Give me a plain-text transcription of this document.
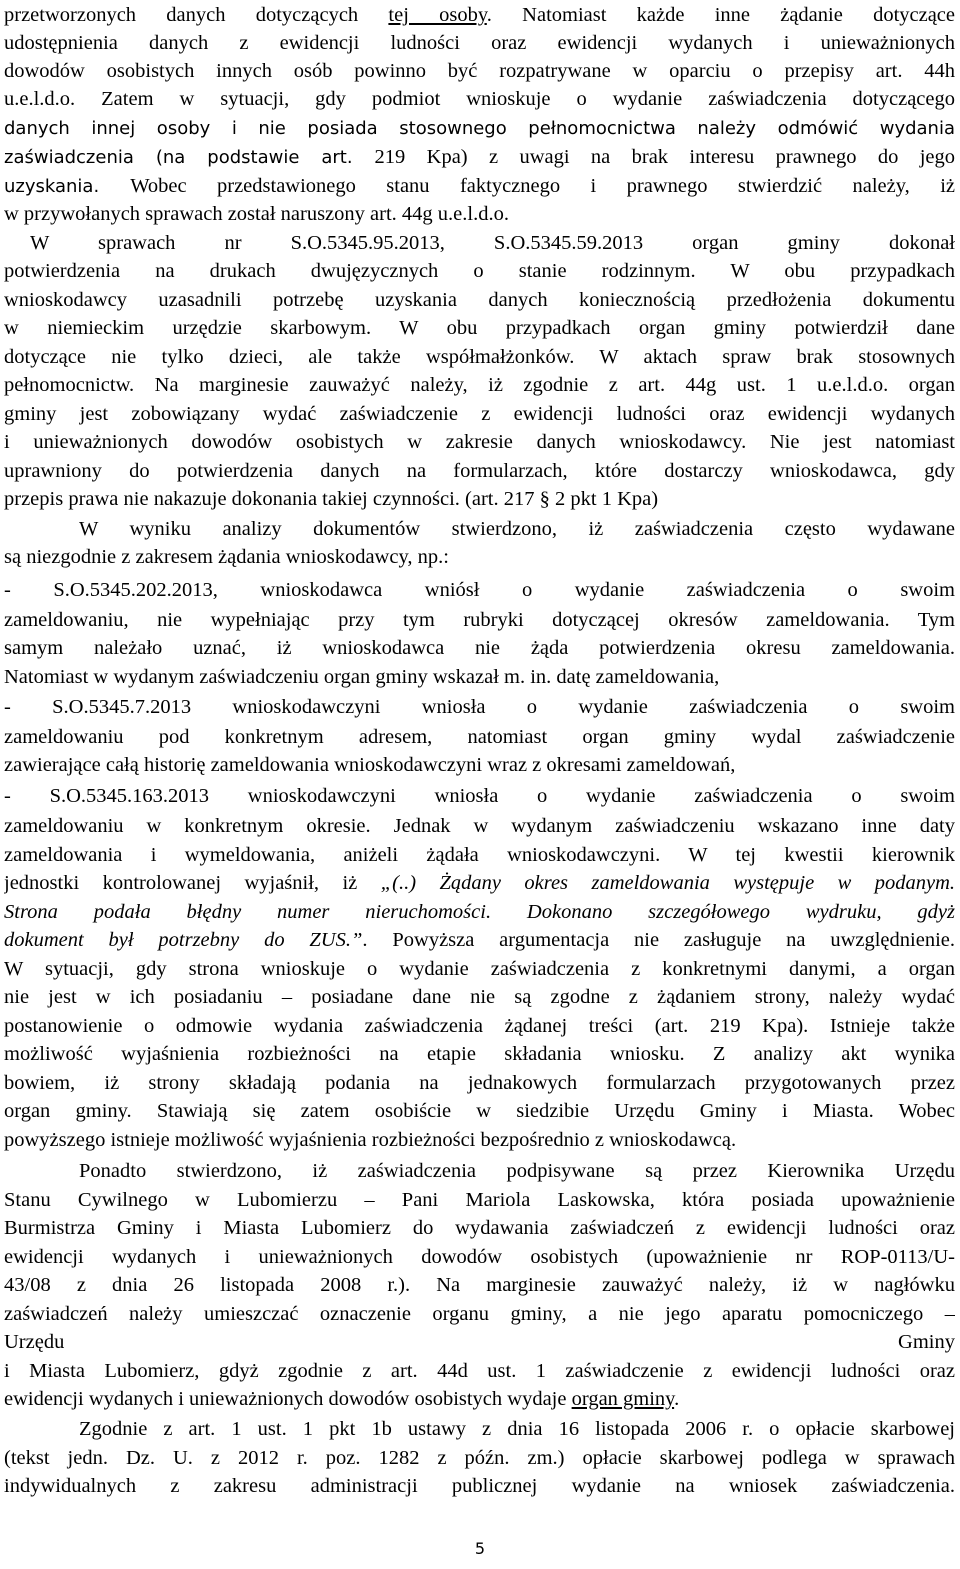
przetworzonych danych dotyczących tej osoby. Natomiast każde inne żądanie dotyczące
udostępnienia danych z ewidencji ludności oraz ewidencji wydanych i unieważnionych
dowodów osobistych innych osób powinno być rozpatrywane w oparciu o przepisy art. 44h
u.e.l.d.o. Zatem w sytuacji, gdy podmiot wnioskuje o wydanie zaświadczenia dotyczącego
danych innej osoby i nie posiada stosownego pełnomocnictwa należy odmówić wydania
zaświadczenia (na podstawie art. 219 Kpa) z uwagi na brak interesu prawnego do jego
uzyskania. Wobec przedstawionego stanu faktycznego i prawnego stwierdzić należy, iż
w przywołanych sprawach został naruszony art. 44g u.e.l.d.o.
W sprawach nr S.O.5345.95.2013, S.O.5345.59.2013 organ gminy dokonał
potwierdzenia na drukach dwujęzycznych o stanie rodzinnym. W obu przypadkach
wnioskodawcy uzasadnili potrzebę uzyskania danych koniecznością przedłożenia dokumentu
w niemieckim urzędzie skarbowym. W obu przypadkach organ gminy potwierdził dane
dotyczące nie tylko dzieci, ale także współmałżonków. W aktach spraw brak stosownych
pełnomocnictw. Na marginesie zauważyć należy, iż zgodnie z art. 44g ust. 1 u.e.l.d.o. organ
gminy jest zobowiązany wydać zaświadczenie z ewidencji ludności oraz ewidencji wydanych
i unieważnionych dowodów osobistych w zakresie danych wnioskodawcy. Nie jest natomiast
uprawniony do potwierdzenia danych na formularzach, które dostarczy wnioskodawca, gdy
przepis prawa nie nakazuje dokonania takiej czynności. (art. 217 § 2 pkt 1 Kpa)
W wyniku analizy dokumentów stwierdzono, iż zaświadczenia często wydawane
są niezgodnie z zakresem żądania wnioskodawcy, np.:
- S.O.5345.202.2013, wnioskodawca wniósł o wydanie zaświadczenia o swoim
zameldowaniu, nie wypełniając przy tym rubryki dotyczącej okresów zameldowania. Tym
samym należało uznać, iż wnioskodawca nie żąda potwierdzenia okresu zameldowania.
Natomiast w wydanym zaświadczeniu organ gminy wskazał m. in. datę zameldowania,
- S.O.5345.7.2013 wnioskodawczyni wniosła o wydanie zaświadczenia o swoim
zameldowaniu pod konkretnym adresem, natomiast organ gminy wydal zaświadczenie
zawierające całą historię zameldowania wnioskodawczyni wraz z okresami zameldowań,
- S.O.5345.163.2013 wnioskodawczyni wniosła o wydanie zaświadczenia o swoim
zameldowaniu w konkretnym okresie. Jednak w wydanym zaświadczeniu wskazano inne daty
zameldowania i wymeldowania, aniżeli żądała wnioskodawczyni. W tej kwestii kierownik
jednostki kontrolowanej wyjaśnił, iż „(..) Żądany okres zameldowania występuje w podanym.
Strona podała błędny numer nieruchomości. Dokonano szczegółowego wydruku, gdyż
dokument był potrzebny do ZUS.”. Powyższa argumentacja nie zasługuje na uwzględnienie.
W sytuacji, gdy strona wnioskuje o wydanie zaświadczenia z konkretnymi danymi, a organ
nie jest w ich posiadaniu – posiadane dane nie są zgodne z żądaniem strony, należy wydać
postanowienie o odmowie wydania zaświadczenia żądanej treści (art. 219 Kpa). Istnieje także
możliwość wyjaśnienia rozbieżności na etapie składania wniosku. Z analizy akt wynika
bowiem, iż strony składają podania na jednakowych formularzach przygotowanych przez
organ gminy. Stawiają się zatem osobiście w siedzibie Urzędu Gminy i Miasta. Wobec
powyższego istnieje możliwość wyjaśnienia rozbieżności bezpośrednio z wnioskodawcą.
Ponadto stwierdzono, iż zaświadczenia podpisywane są przez Kierownika Urzędu
Stanu Cywilnego w Lubomierzu – Pani Mariola Laskowska, która posiada upoważnienie
Burmistrza Gminy i Miasta Lubomierz do wydawania zaświadczeń z ewidencji ludności oraz
ewidencji wydanych i unieważnionych dowodów osobistych (upoważnienie nr ROP-0113/U-
43/08 z dnia 26 listopada 2008 r.). Na marginesie zauważyć należy, iż w nagłówku
zaświadczeń należy umieszczać oznaczenie organu gminy, a nie jego aparatu pomocniczego –
Urzędu Gminy
i Miasta Lubomierz, gdyż zgodnie z art. 44d ust. 1 zaświadczenie z ewidencji ludności oraz
ewidencji wydanych i unieważnionych dowodów osobistych wydaje organ gminy.
Zgodnie z art. 1 ust. 1 pkt 1b ustawy z dnia 16 listopada 2006 r. o opłacie skarbowej
(tekst jedn. Dz. U. z 2012 r. poz. 1282 z późn. zm.) opłacie skarbowej podlega w sprawach
indywidualnych z zakresu administracji publicznej wydanie na wniosek zaświadczenia.
5
